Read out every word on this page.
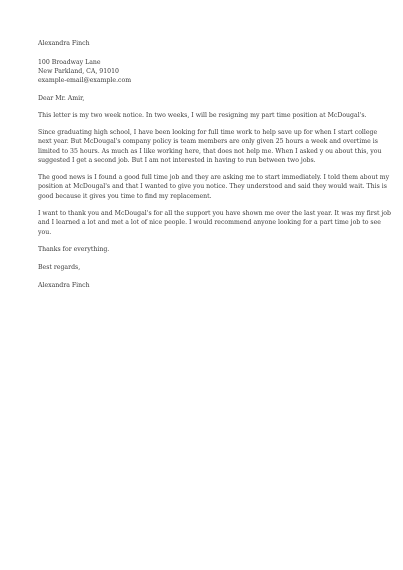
Alexandra Finch

100 Broadway Lane

New Parkland, CA, 91010

example-email@example.com

Dear Mr. Amir,

This letter is my two week notice. In two weeks, I will be resigning my part time position at McDougal's.

Since graduating high school, I have been looking for full time work to help save up for when I start college

next year. But McDougal's company policy is team members are only given 25 hours a week and overtime is

limited to 35 hours. As much as I like working here, that does not help me. When I asked y ou about this, you

suggested I get a second job. But I am not interested in having to run between two jobs.

The good news is I found a good full time job and they are asking me to start immediately. I told them about my

position at McDougal's and that I wanted to give you notice. They understood and said they would wait. This is

good because it gives you time to find my replacement.

I want to thank you and McDougal's for all the support you have shown me over the last year. It was my first job

and I learned a lot and met a lot of nice people. I would recommend anyone looking for a part time job to see

you.

Thanks for everything.

Best regards,

Alexandra Finch
